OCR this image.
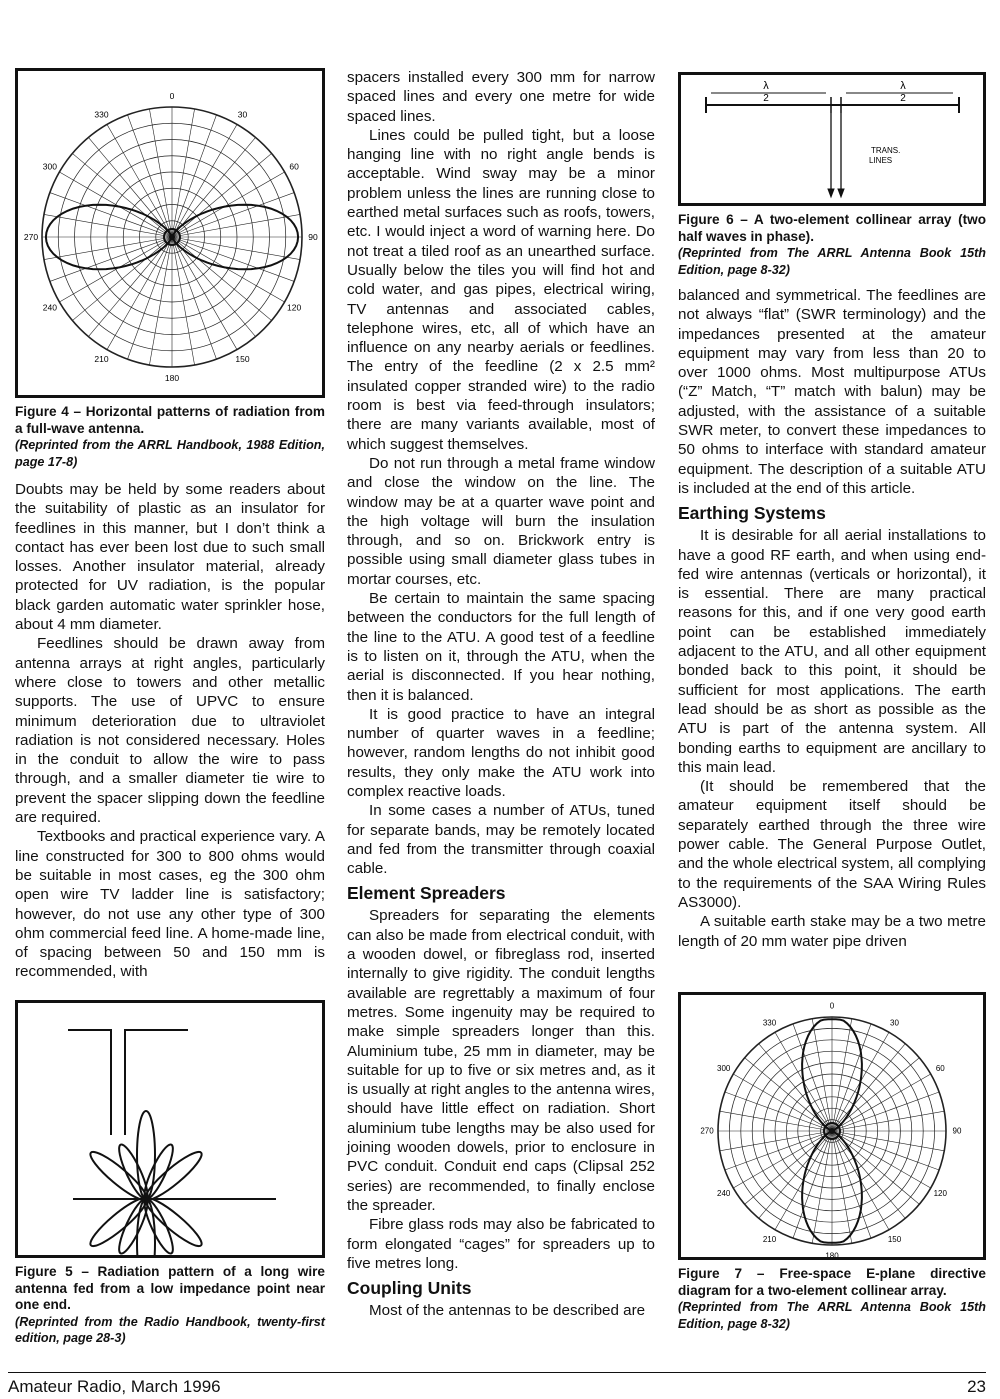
0
30
60
90
120
150
180
210
240
270
300
330
Figure 4 – Horizontal patterns of radiation from a full-wave antenna.
(Reprinted from the ARRL Handbook, 1988 Edition, page 17-8)

Doubts may be held by some readers about the suitability of plastic as an insulator for feedlines in this manner, but I don’t think a contact has ever been lost due to such small losses. Another insulator material, already protected for UV radiation, is the popular black garden automatic water sprinkler hose, about 4 mm diameter.

Feedlines should be drawn away from antenna arrays at right angles, particularly where close to towers and other metallic supports. The use of UPVC to ensure minimum deterioration due to ultraviolet radiation is not considered necessary. Holes in the conduit to allow the wire to pass through, and a smaller diameter tie wire to prevent the spacer slipping down the feedline are required.

Textbooks and practical experience vary. A line constructed for 300 to 800 ohms would be suitable in most cases, eg the 300 ohm open wire TV ladder line is satisfactory; however, do not use any other type of 300 ohm commercial feed line. A home-made line, of spacing between 50 and 150 mm is recommended, with

Figure 5 – Radiation pattern of a long wire antenna fed from a low impedance point near one end.
(Reprinted from the Radio Handbook, twenty-first edition, page 28-3)

spacers installed every 300 mm for narrow spaced lines and every one metre for wide spaced lines.

Lines could be pulled tight, but a loose hanging line with no right angle bends is acceptable. Wind sway may be a minor problem unless the lines are running close to earthed metal surfaces such as roofs, towers, etc. I would inject a word of warning here. Do not treat a tiled roof as an unearthed surface. Usually below the tiles you will find hot and cold water, and gas pipes, electrical wiring, TV antennas and associated cables, telephone wires, etc, all of which have an influence on any nearby aerials or feedlines. The entry of the feedline (2 x 2.5 mm² insulated copper stranded wire) to the radio room is best via feed-through insulators; there are many variants available, most of which suggest themselves.

Do not run through a metal frame window and close the window on the line. The window may be at a quarter wave point and the high voltage will burn the insulation through, and so on. Brickwork entry is possible using small diameter glass tubes in mortar courses, etc.

Be certain to maintain the same spacing between the conductors for the full length of the line to the ATU. A good test of a feedline is to listen on it, through the ATU, when the aerial is disconnected. If you hear nothing, then it is balanced.

It is good practice to have an integral number of quarter waves in a feedline; however, random lengths do not inhibit good results, they only make the ATU work into complex reactive loads.

In some cases a number of ATUs, tuned for separate bands, may be remotely located and fed from the transmitter through coaxial cable.

Element Spreaders

Spreaders for separating the elements can also be made from electrical conduit, with a wooden dowel, or fibreglass rod, inserted internally to give rigidity. The conduit lengths available are regrettably a maximum of four metres. Some ingenuity may be required to make simple spreaders longer than this. Aluminium tube, 25 mm in diameter, may be suitable for up to five or six metres and, as it is usually at right angles to the antenna wires, should have little effect on radiation. Short aluminium tube lengths may be also used for joining wooden dowels, prior to enclosure in PVC conduit. Conduit end caps (Clipsal 252 series) are recommended, to finally enclose the spreader.

Fibre glass rods may also be fabricated to form elongated “cages” for spreaders up to five metres long.

Coupling Units

Most of the antennas to be described are

λ
2
λ
2
TRANS.
LINES
Figure 6 – A two-element collinear array (two half waves in phase).
(Reprinted from The ARRL Antenna Book 15th Edition, page 8-32)

balanced and symmetrical. The feedlines are not always “flat” (SWR terminology) and the impedances presented at the amateur equipment may vary from less than 20 to over 1000 ohms. Most multipurpose ATUs (“Z” Match, “T” match with balun) may be adjusted, with the assistance of a suitable SWR meter, to convert these impedances to 50 ohms to interface with standard amateur equipment. The description of a suitable ATU is included at the end of this article.

Earthing Systems

It is desirable for all aerial installations to have a good RF earth, and when using end-fed wire antennas (verticals or horizontal), it is essential. There are many practical reasons for this, and if one very good earth point can be established immediately adjacent to the ATU, and all other equipment bonded back to this point, it should be sufficient for most applications. The earth lead should be as short as possible as the ATU is part of the antenna system. All bonding earths to equipment are ancillary to this main lead.

(It should be remembered that the amateur equipment itself should be separately earthed through the three wire power cable. The General Purpose Outlet, and the whole electrical system, all complying to the requirements of the SAA Wiring Rules AS3000).

A suitable earth stake may be a two metre length of 20 mm water pipe driven

0
30
60
90
120
150
180
210
240
270
300
330
Figure 7 – Free-space E-plane directive diagram for a two-element collinear array.
(Reprinted from The ARRL Antenna Book 15th Edition, page 8-32)
Amateur Radio, March 1996	23
